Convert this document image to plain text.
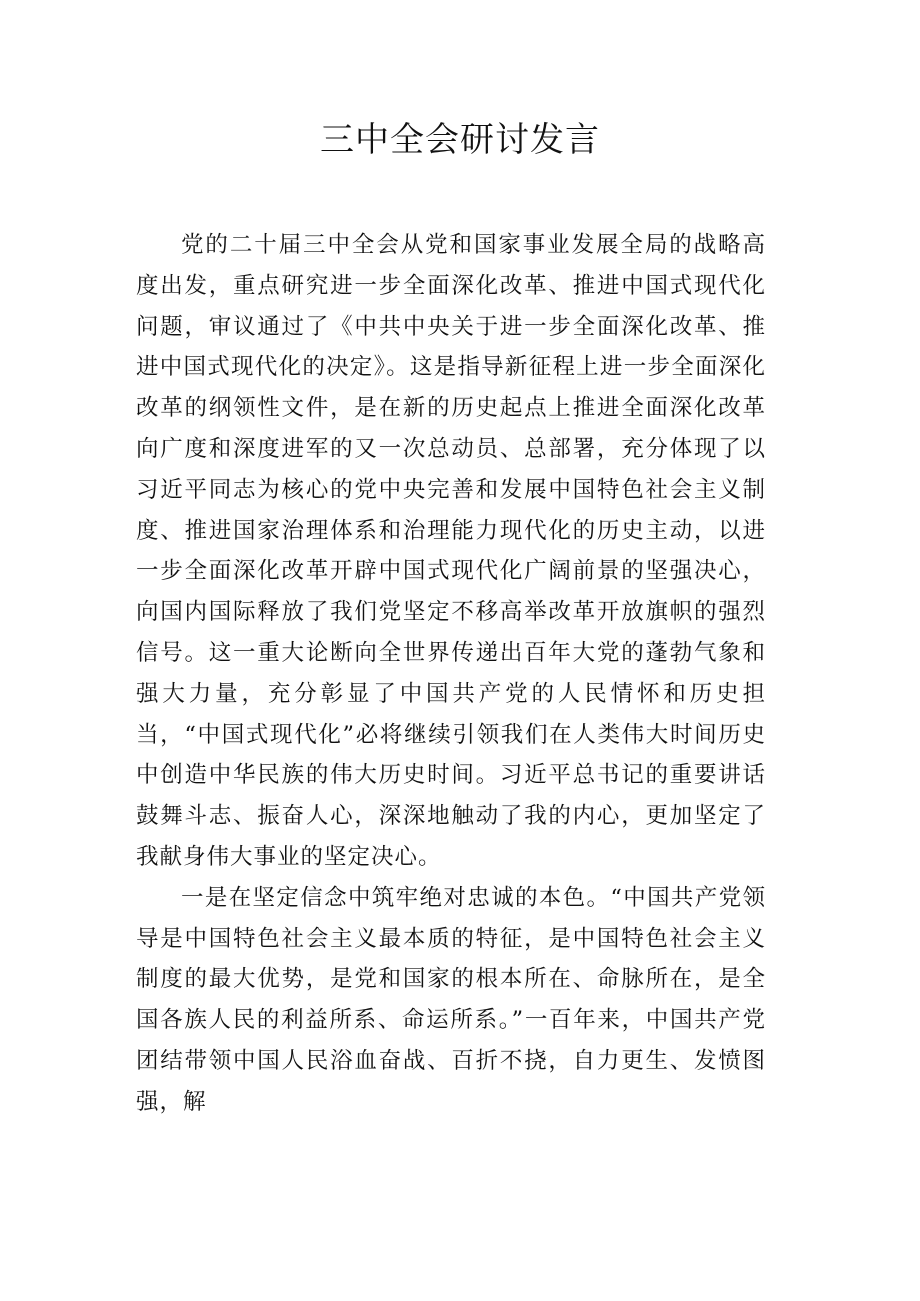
三中全会研讨发言

党的二十届三中全会从党和国家事业发展全局的战略高度出发，重点研究进一步全面深化改革、推进中国式现代化问题，审议通过了《中共中央关于进一步全面深化改革、推进中国式现代化的决定》。这是指导新征程上进一步全面深化改革的纲领性文件，是在新的历史起点上推进全面深化改革向广度和深度进军的又一次总动员、总部署，充分体现了以习近平同志为核心的党中央完善和发展中国特色社会主义制度、推进国家治理体系和治理能力现代化的历史主动，以进一步全面深化改革开辟中国式现代化广阔前景的坚强决心，向国内国际释放了我们党坚定不移高举改革开放旗帜的强烈信号。这一重大论断向全世界传递出百年大党的蓬勃气象和强大力量，充分彰显了中国共产党的人民情怀和历史担当，“中国式现代化”必将继续引领我们在人类伟大时间历史中创造中华民族的伟大历史时间。习近平总书记的重要讲话鼓舞斗志、振奋人心，深深地触动了我的内心，更加坚定了我献身伟大事业的坚定决心。

一是在坚定信念中筑牢绝对忠诚的本色。“中国共产党领导是中国特色社会主义最本质的特征，是中国特色社会主义制度的最大优势，是党和国家的根本所在、命脉所在，是全国各族人民的利益所系、命运所系。”一百年来，中国共产党团结带领中国人民浴血奋战、百折不挠，自力更生、发愤图强，解
